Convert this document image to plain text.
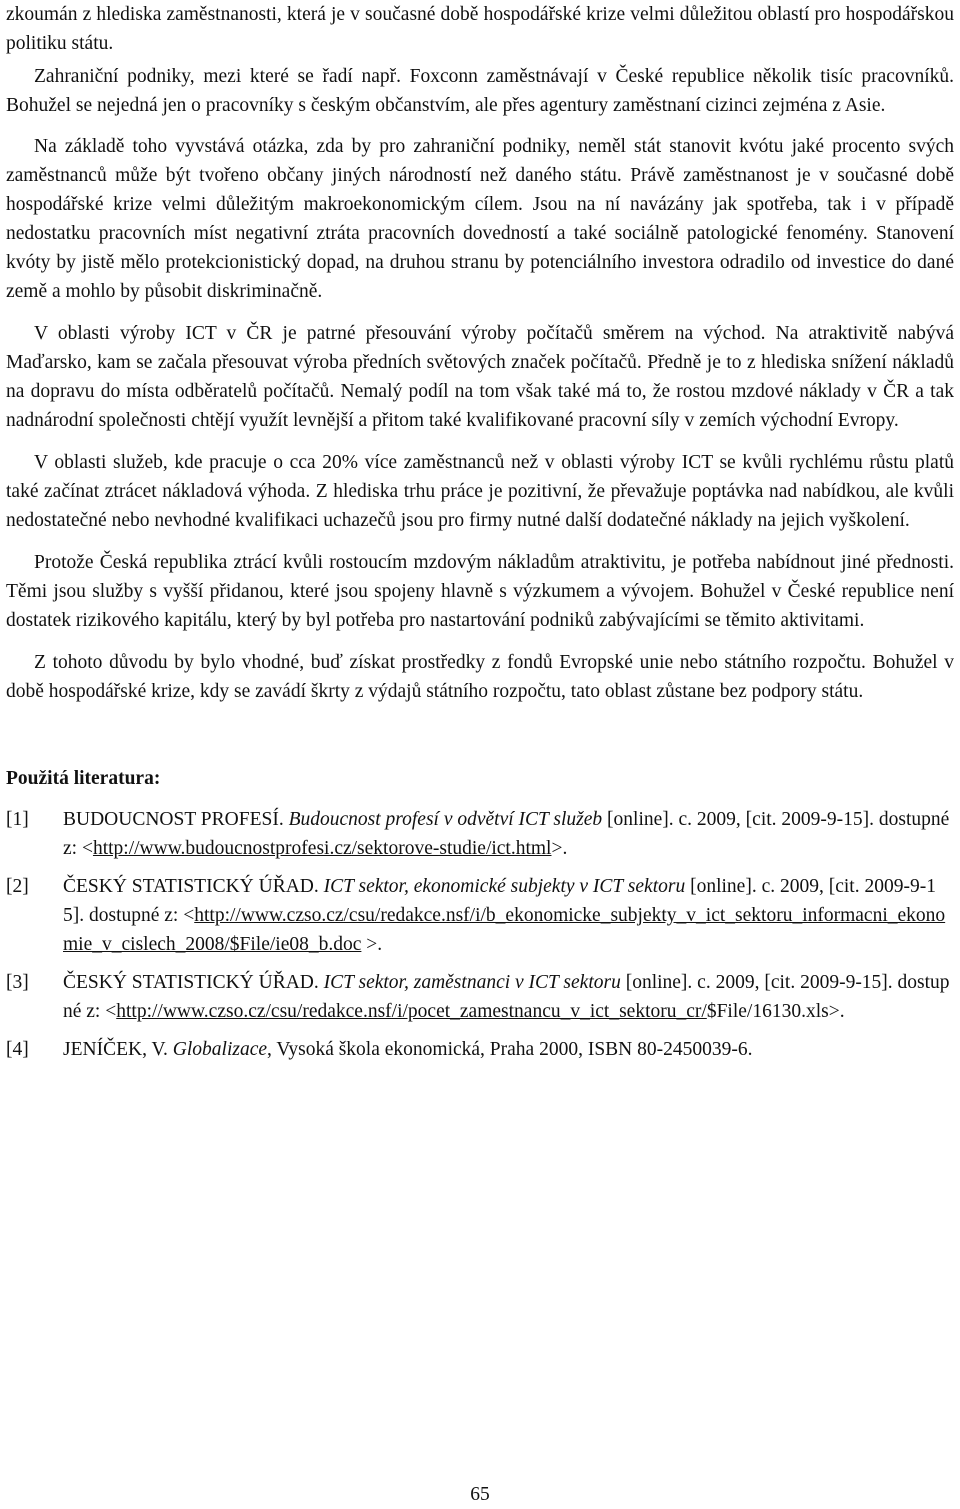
zkoumán z hlediska zaměstnanosti, která je v současné době hospodářské krize velmi důležitou oblastí pro hospodářskou politiku státu.

Zahraniční podniky, mezi které se řadí např. Foxconn zaměstnávají v České republice několik tisíc pracovníků. Bohužel se nejedná jen o pracovníky s českým občanstvím, ale přes agentury zaměstnaní cizinci zejména z Asie.

Na základě toho vyvstává otázka, zda by pro zahraniční podniky, neměl stát stanovit kvótu jaké procento svých zaměstnanců může být tvořeno občany jiných národností než daného státu. Právě zaměstnanost je v současné době hospodářské krize velmi důležitým makroekonomickým cílem. Jsou na ní navázány jak spotřeba, tak i v případě nedostatku pracovních míst negativní ztráta pracovních dovedností a také sociálně patologické fenomény. Stanovení kvóty by jistě mělo protekcionistický dopad, na druhou stranu by potenciálního investora odradilo od investice do dané země a mohlo by působit diskriminačně.

V oblasti výroby ICT v ČR je patrné přesouvání výroby počítačů směrem na východ. Na atraktivitě nabývá Maďarsko, kam se začala přesouvat výroba předních světových značek počítačů. Předně je to z hlediska snížení nákladů na dopravu do místa odběratelů počítačů. Nemalý podíl na tom však také má to, že rostou mzdové náklady v ČR a tak nadnárodní společnosti chtějí využít levnější a přitom také kvalifikované pracovní síly v zemích východní Evropy.

V oblasti služeb, kde pracuje o cca 20% více zaměstnanců než v oblasti výroby ICT se kvůli rychlému růstu platů také začínat ztrácet nákladová výhoda. Z hlediska trhu práce je pozitivní, že převažuje poptávka nad nabídkou, ale kvůli nedostatečné nebo nevhodné kvalifikaci uchazečů jsou pro firmy nutné další dodatečné náklady na jejich vyškolení.

Protože Česká republika ztrácí kvůli rostoucím mzdovým nákladům atraktivitu, je potřeba nabídnout jiné přednosti. Těmi jsou služby s vyšší přidanou, které jsou spojeny hlavně s výzkumem a vývojem. Bohužel v České republice není dostatek rizikového kapitálu, který by byl potřeba pro nastartování podniků zabývajícími se těmito aktivitami.

Z tohoto důvodu by bylo vhodné, buď získat prostředky z fondů Evropské unie nebo státního rozpočtu. Bohužel v době hospodářské krize, kdy se zavádí škrty z výdajů státního rozpočtu, tato oblast zůstane bez podpory státu.

Použitá literatura:
[1]	BUDOUCNOST PROFESÍ. Budoucnost profesí v odvětví ICT služeb [online]. c. 2009, [cit. 2009-9-15]. dostupné z: <http://www.budoucnostprofesi.cz/sektorove-studie/ict.html>.
[2]	ČESKÝ STATISTICKÝ ÚŘAD. ICT sektor, ekonomické subjekty v ICT sektoru [online]. c. 2009, [cit. 2009-9-15]. dostupné z: <http://www.czso.cz/csu/redakce.nsf/i/b_ekonomicke_subjekty_v_ict_sektoru_informacni_ekonomie_v_cislech_2008/$File/ie08_b.doc >.
[3]	ČESKÝ STATISTICKÝ ÚŘAD. ICT sektor, zaměstnanci v ICT sektoru [online]. c. 2009, [cit. 2009-9-15]. dostupné z: <http://www.czso.cz/csu/redakce.nsf/i/pocet_zamestnancu_v_ict_sektoru_cr/$File/16130.xls>.
[4]	JENÍČEK, V. Globalizace, Vysoká škola ekonomická, Praha 2000, ISBN 80-2450039-6.
65
